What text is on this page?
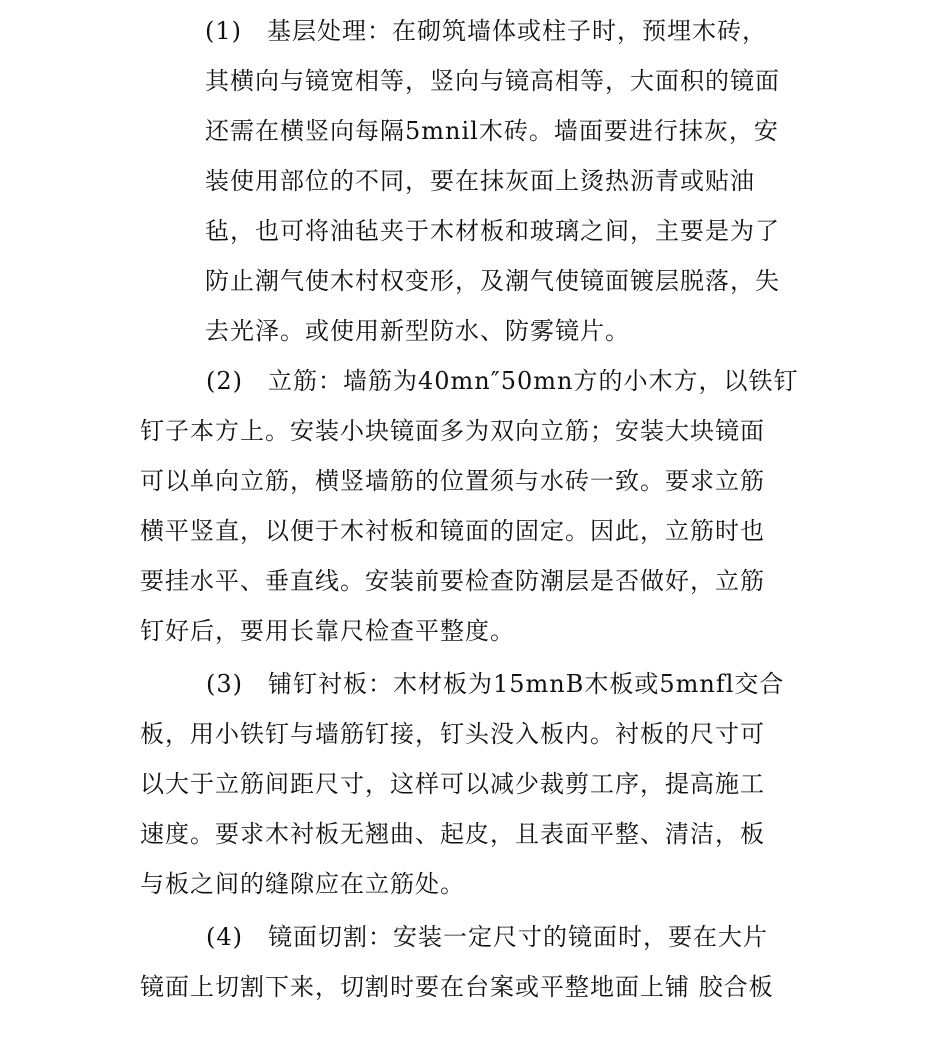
(1)　基层处理：在砌筑墙体或柱子时，预埋木砖，
其横向与镜宽相等，竖向与镜高相等，大面积的镜面
还需在横竖向每隔5mnil木砖。墙面要进行抹灰，安
装使用部位的不同，要在抹灰面上烫热沥青或贴油
毡，也可将油毡夹于木材板和玻璃之间，主要是为了
防止潮气使木村权变形，及潮气使镜面镀层脱落，失
去光泽。或使用新型防水、防雾镜片。
(2)　立筋：墙筋为40mn″50mn方的小木方，以铁钉
钉子本方上。安装小块镜面多为双向立筋；安装大块镜面
可以单向立筋，横竖墙筋的位置须与水砖一致。要求立筋
横平竖直，以便于木衬板和镜面的固定。因此，立筋时也
要挂水平、垂直线。安装前要检查防潮层是否做好，立筋
钉好后，要用长靠尺检查平整度。
(3)　铺钉衬板：木材板为15mnB木板或5mnfl交合
板，用小铁钉与墙筋钉接，钉头没入板内。衬板的尺寸可
以大于立筋间距尺寸，这样可以减少裁剪工序，提高施工
速度。要求木衬板无翘曲、起皮，且表面平整、清洁，板
与板之间的缝隙应在立筋处。
(4)　镜面切割：安装一定尺寸的镜面时，要在大片
镜面上切割下来，切割时要在台案或平整地面上铺 胶合板
